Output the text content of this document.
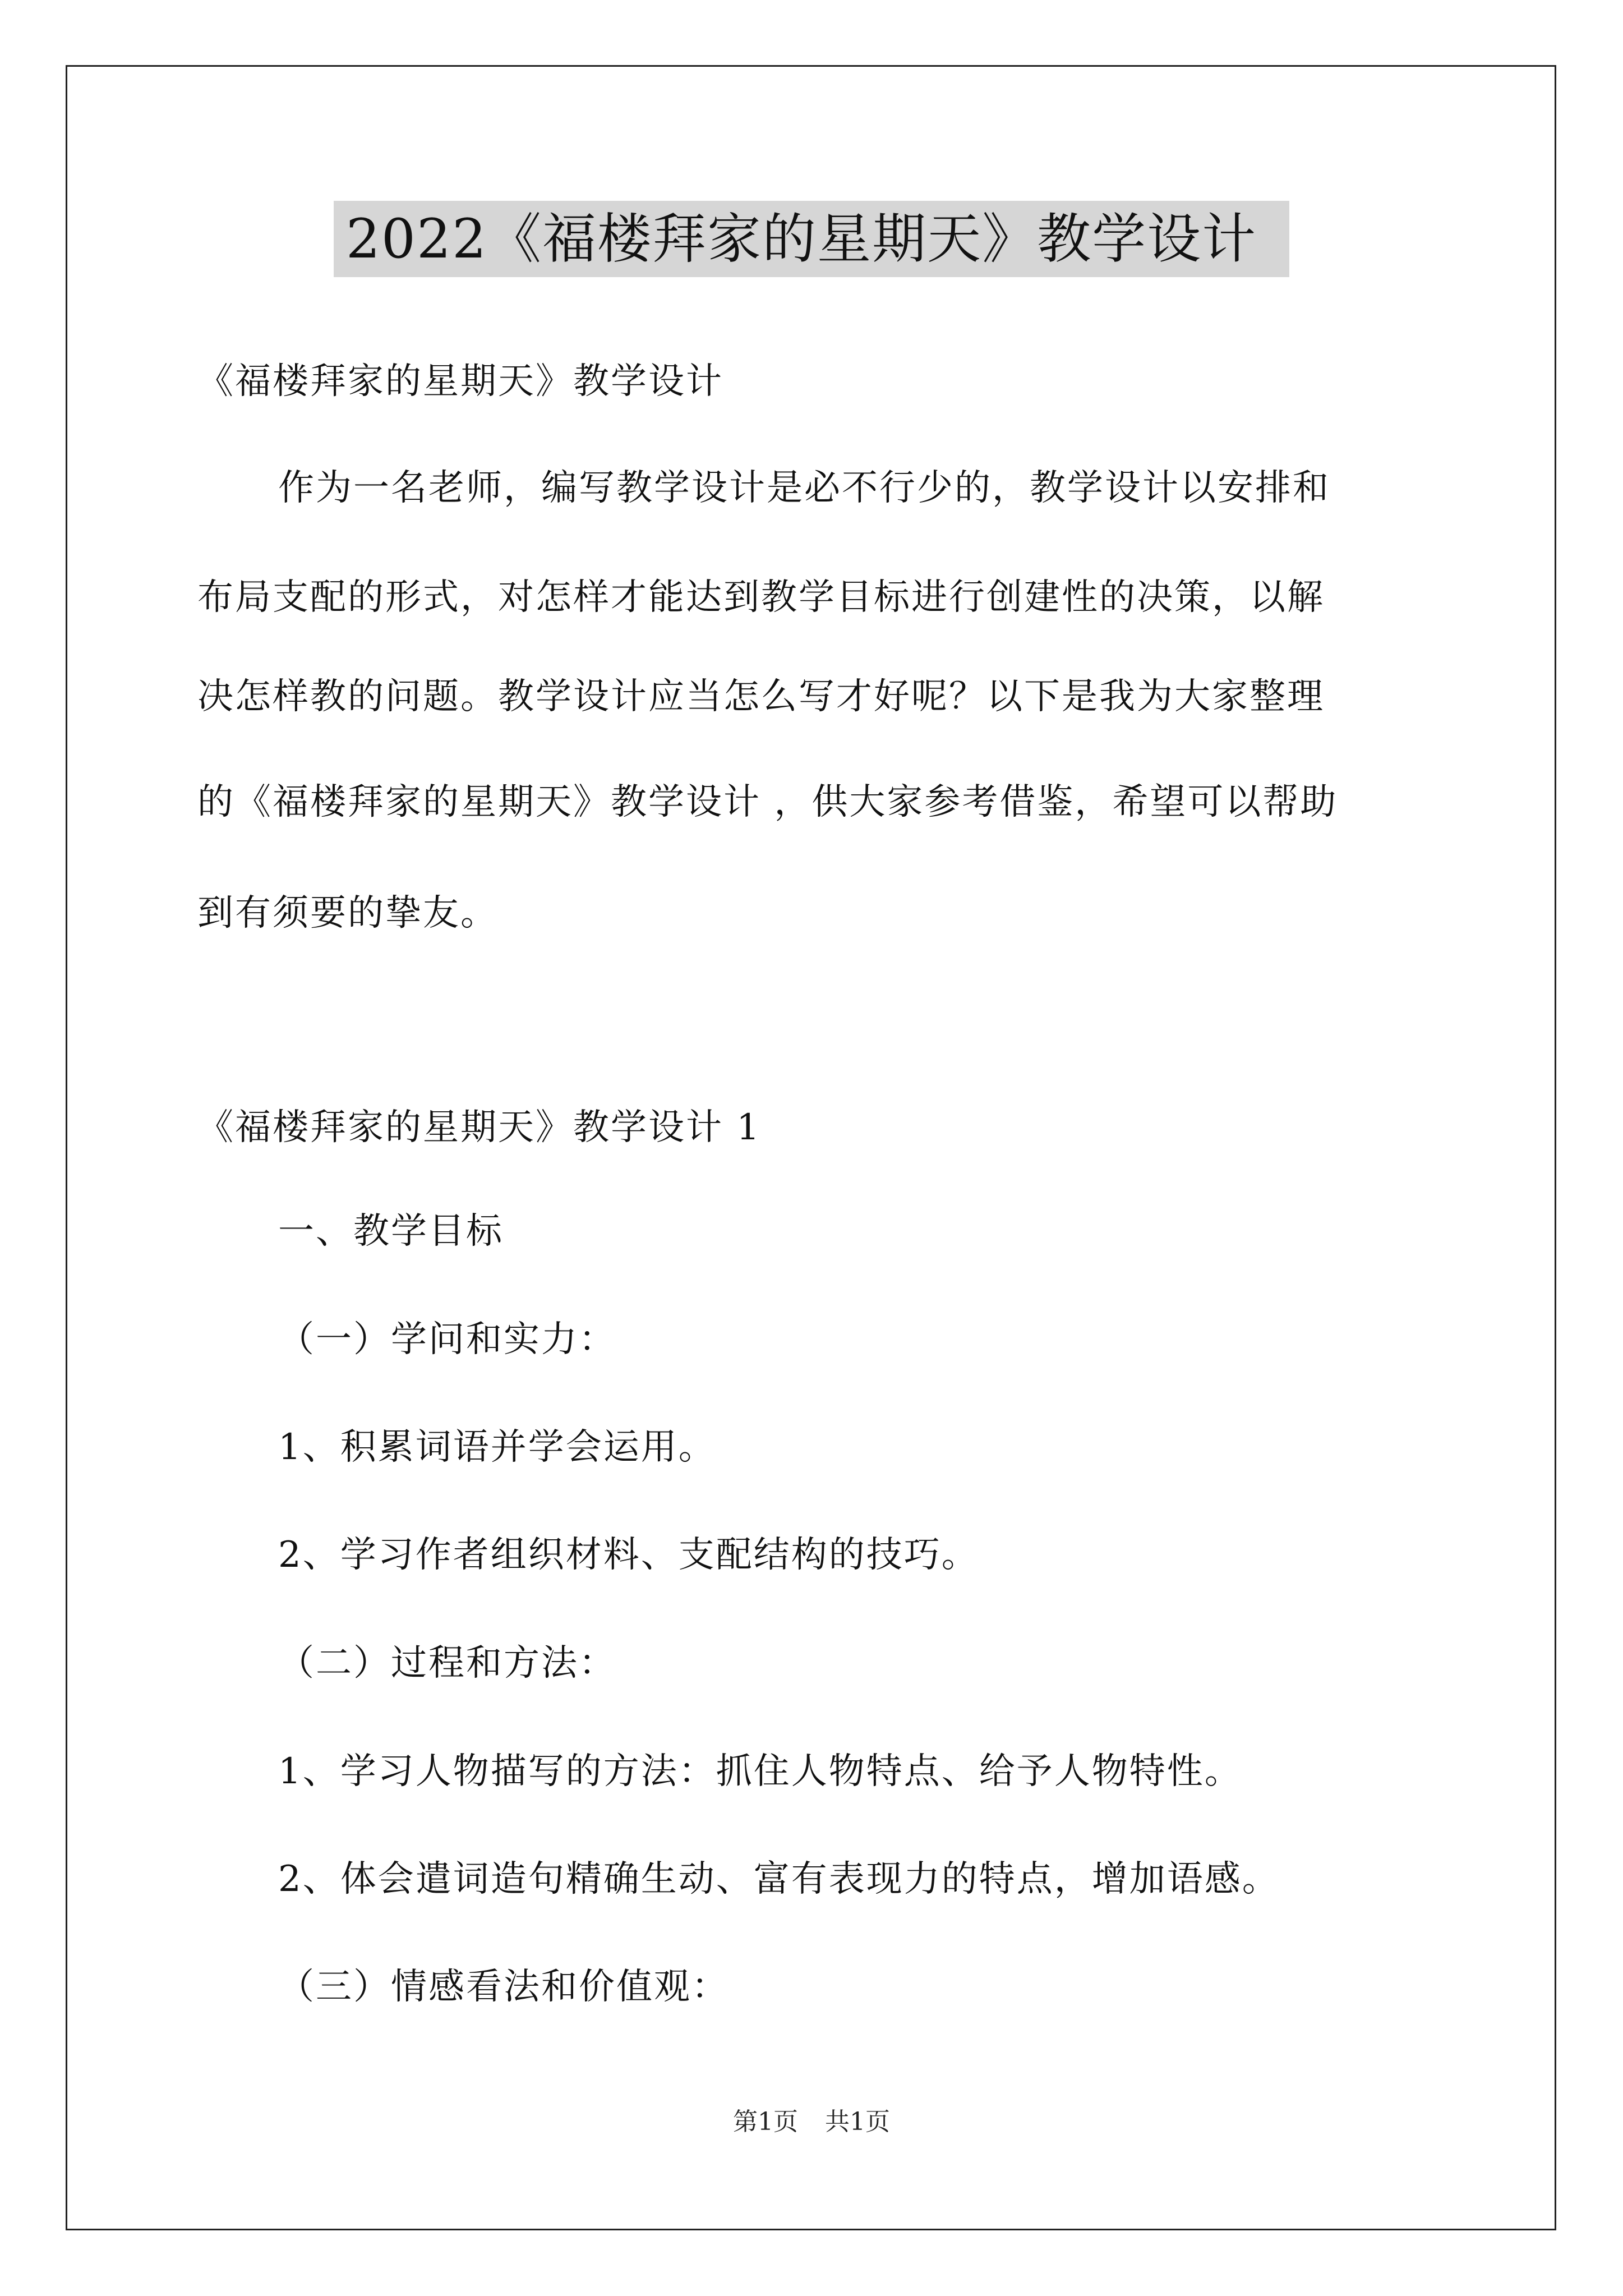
2022《福楼拜家的星期天》教学设计
《福楼拜家的星期天》教学设计
作为一名老师，编写教学设计是必不行少的，教学设计以安排和
布局支配的形式，对怎样才能达到教学目标进行创建性的决策，以解
决怎样教的问题。教学设计应当怎么写才好呢？以下是我为大家整理
的《福楼拜家的星期天》教学设计 ，供大家参考借鉴，希望可以帮助
到有须要的挚友。
《福楼拜家的星期天》教学设计 1
一、教学目标
（一）学问和实力：
1、积累词语并学会运用。
2、学习作者组织材料、支配结构的技巧。
（二）过程和方法：
1、学习人物描写的方法：抓住人物特点、给予人物特性。
2、体会遣词造句精确生动、富有表现力的特点，增加语感。
（三）情感看法和价值观：
第1页 共1页
